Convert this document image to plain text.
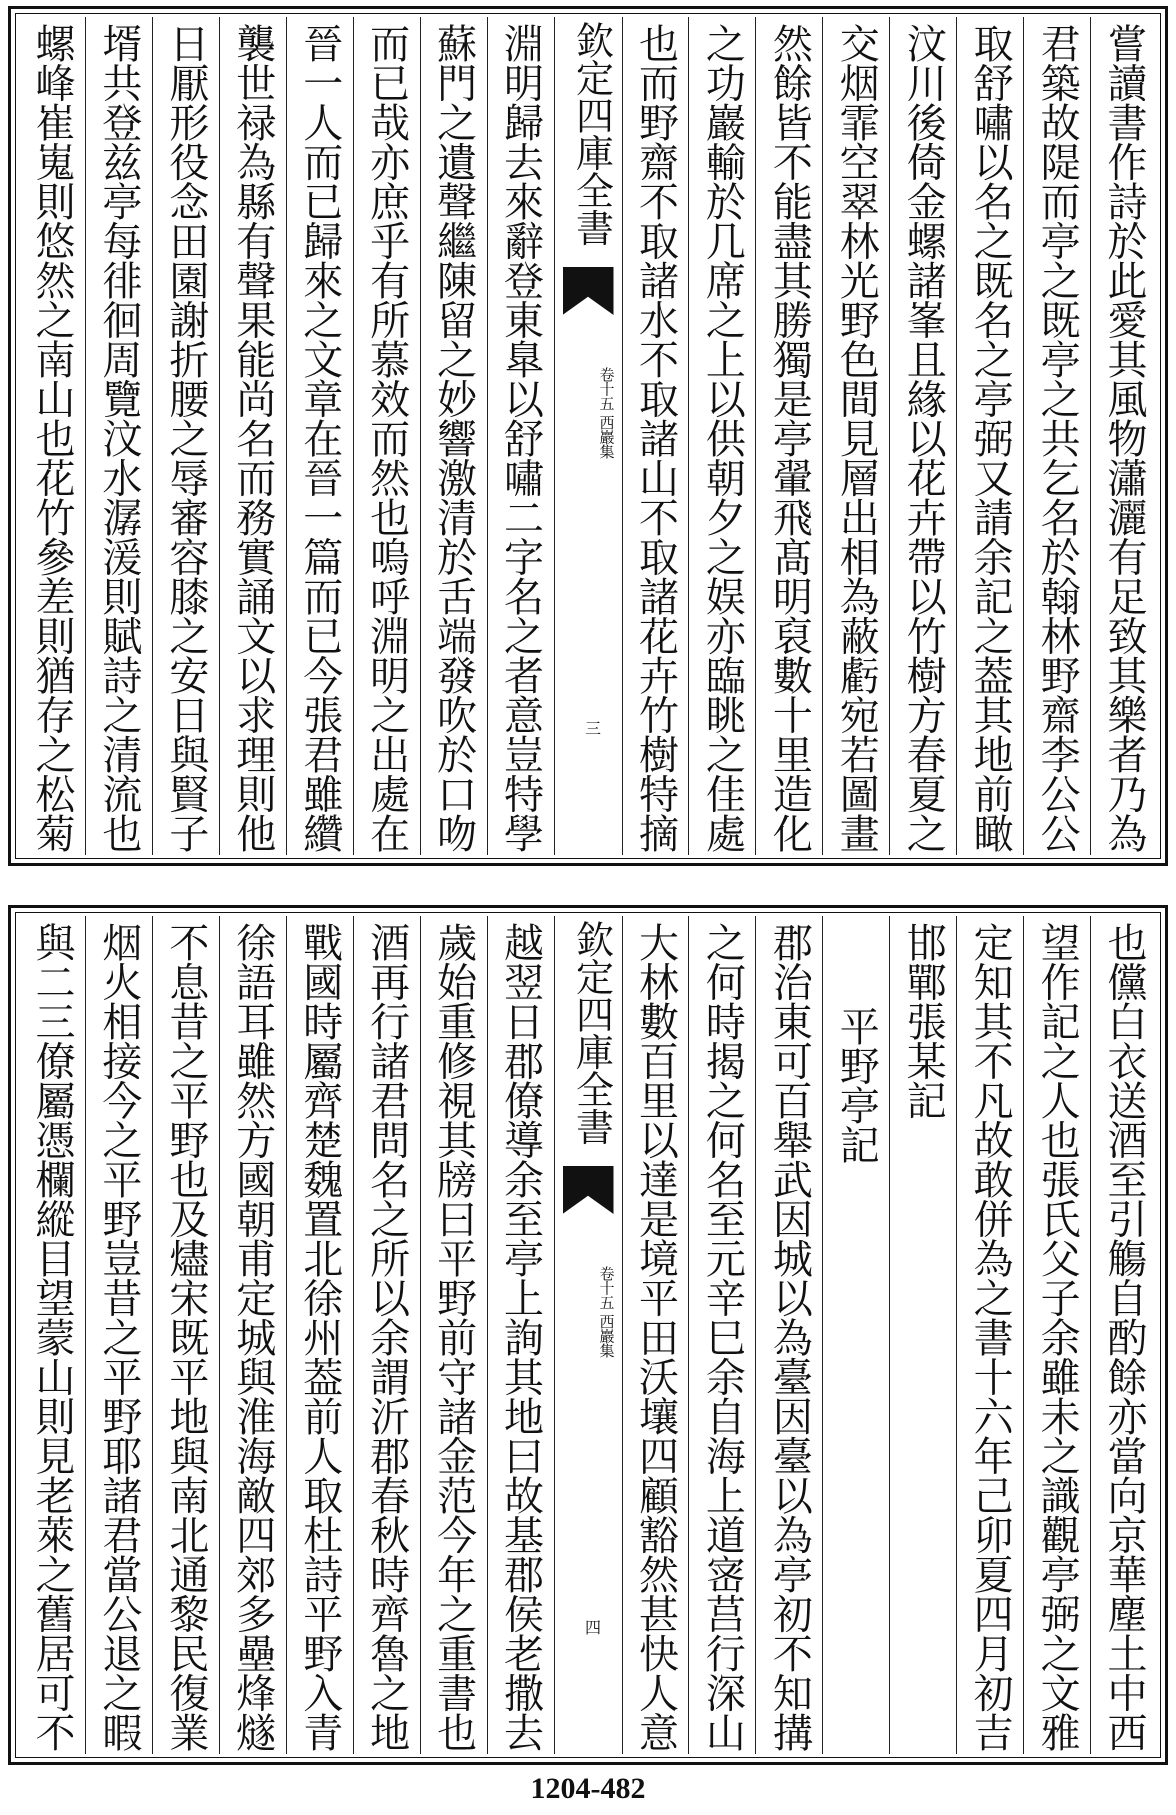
嘗讀書作詩於此愛其風物瀟灑有足致其樂者乃為
君築故隄而亭之既亭之共乞名於翰林野齋李公公
取舒嘯以名之既名之亭弼又請余記之葢其地前瞰
汶川後倚金螺諸峯且緣以花卉帶以竹樹方春夏之
交烟霏空翠林光野色間見層出相為蔽虧宛若圖畫
然餘皆不能盡其勝獨是亭翬飛髙明裒數十里造化
之功巖輸於几席之上以供朝夕之娱亦臨眺之佳處
也而野齋不取諸水不取諸山不取諸花卉竹樹特摘
欽定四庫全書
西巖集
卷十五
三
淵明歸去來辭登東臯以舒嘯二字名之者意豈特學
蘇門之遺聲繼陳留之妙響激清於舌端發吹於口吻
而已哉亦庶乎有所慕效而然也嗚呼淵明之出處在
晉一人而已歸來之文章在晉一篇而已今張君雖纘
襲世禄為縣有聲果能尚名而務實誦文以求理則他
日厭形役念田園謝折腰之辱審容膝之安日與賢子
壻共登兹亭每徘徊周覽汶水潺湲則賦詩之清流也
螺峰崔嵬則悠然之南山也花竹參差則猶存之松菊
也儻白衣送酒至引觴自酌餘亦當向京華塵土中西
望作記之人也張氏父子余雖未之識觀亭弼之文雅
定知其不凡故敢併為之書十六年己卯夏四月初吉
邯鄲張某記
平野亭記
郡治東可百舉武因城以為臺因臺以為亭初不知搆
之何時揭之何名至元辛巳余自海上道宻莒行深山
大林數百里以達是境平田沃壤四顧豁然甚快人意
欽定四庫全書
西巖集
卷十五
四
越翌日郡僚導余至亭上詢其地曰故基郡侯老撒去
歲始重修視其牓曰平野前守諸金范今年之重書也
酒再行諸君問名之所以余謂沂郡春秋時齊魯之地
戰國時屬齊楚魏置北徐州葢前人取杜詩平野入青
徐語耳雖然方國朝甫定城與淮海敵四郊多壘烽燧
不息昔之平野也及燼宋既平地與南北通黎民復業
烟火相接今之平野豈昔之平野耶諸君當公退之暇
與二三僚屬憑欄縱目望蒙山則見老萊之舊居可不
1204-482
